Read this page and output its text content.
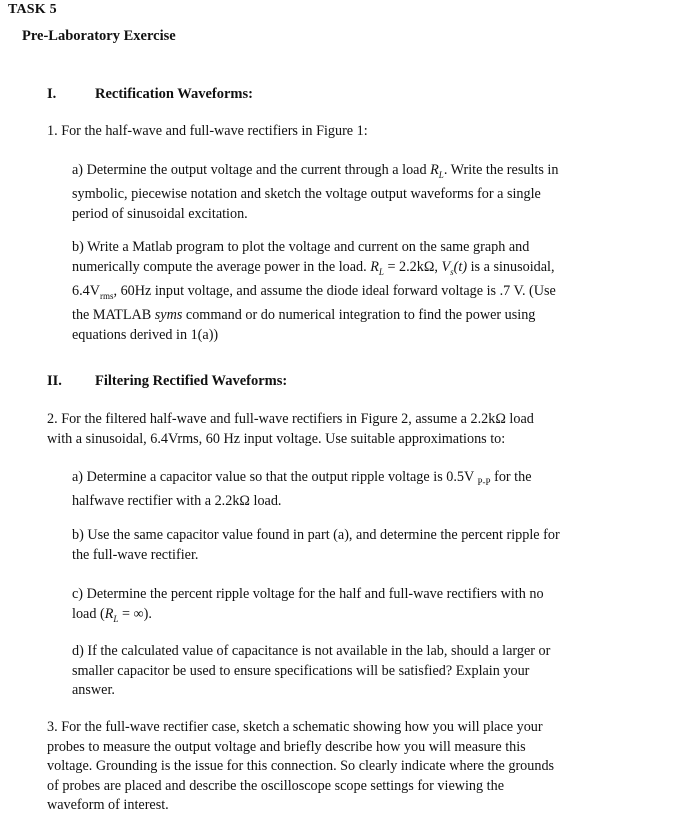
TASK 5
Pre-Laboratory Exercise
I.	Rectification Waveforms:
1. For the half-wave and full-wave rectifiers in Figure 1:
a) Determine the output voltage and the current through a load $R_L$. Write the results in
symbolic, piecewise notation and sketch the voltage output waveforms for a single
period of sinusoidal excitation.
b) Write a Matlab program to plot the voltage and current on the same graph and
numerically compute the average power in the load. $R_L = 2.2k\Omega$, $V_s(t)$ is a sinusoidal,
$6.4V_{rms}$, 60Hz input voltage, and assume the diode ideal forward voltage is .7 V. (Use
the MATLAB syms command or do numerical integration to find the power using
equations derived in 1(a))
II. Filtering Rectified Waveforms:
2. For the filtered half-wave and full-wave rectifiers in Figure 2, assume a 2.2kΩ load
with a sinusoidal, 6.4Vrms, 60 Hz input voltage. Use suitable approximations to:
a) Determine a capacitor value so that the output ripple voltage is 0.5V $_{P-P}$ for the
halfwave rectifier with a 2.2kΩ load.
b) Use the same capacitor value found in part (a), and determine the percent ripple for
the full-wave rectifier.
c) Determine the percent ripple voltage for the half and full-wave rectifiers with no
load ($R_L$ = ∞).
d) If the calculated value of capacitance is not available in the lab, should a larger or
smaller capacitor be used to ensure specifications will be satisfied? Explain your
answer.
3. For the full-wave rectifier case, sketch a schematic showing how you will place your
probes to measure the output voltage and briefly describe how you will measure this
voltage. Grounding is the issue for this connection. So clearly indicate where the grounds
of probes are placed and describe the oscilloscope scope settings for viewing the
waveform of interest.
